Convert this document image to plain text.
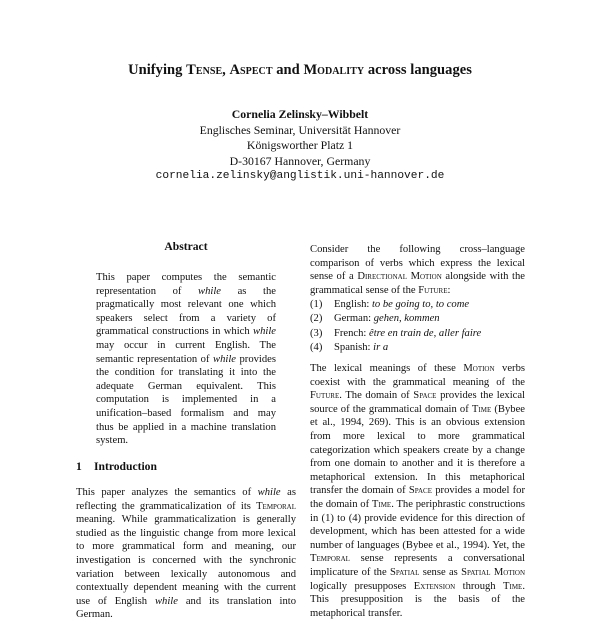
Unifying Tense, Aspect and Modality across languages
Cornelia Zelinsky–Wibbelt
Englisches Seminar, Universität Hannover
Königsworther Platz 1
D-30167 Hannover, Germany
cornelia.zelinsky@anglistik.uni-hannover.de
Abstract
This paper computes the semantic representation of while as the pragmatically most relevant one which speakers select from a variety of grammatical constructions in which while may occur in current English. The semantic representation of while provides the condition for translating it into the adequate German equivalent. This computation is implemented in a unification–based formalism and may thus be applied in a machine translation system.
1 Introduction
This paper analyzes the semantics of while as reflecting the grammaticalization of its Temporal meaning. While grammaticalization is generally studied as the linguistic change from more lexical to more grammatical form and meaning, our investigation is concerned with the synchronic variation between lexically autonomous and contextually dependent meaning with the current use of English while and its translation into German.
Consider the following cross–language comparison of verbs which express the lexical sense of a Directional Motion alongside with the grammatical sense of the Future:
(1)	English: to be going to, to come
(2)	German: gehen, kommen
(3)	French: être en train de, aller faire
(4)	Spanish: ir a
The lexical meanings of these Motion verbs coexist with the grammatical meaning of the Future. The domain of Space provides the lexical source of the grammatical domain of Time (Bybee et al., 1994, 269). This is an obvious extension from more lexical to more grammatical categorization which speakers create by a change from one domain to another and it is therefore a metaphorical extension. In this metaphorical transfer the domain of Space provides a model for the domain of Time. The periphrastic constructions in (1) to (4) provide evidence for this direction of development, which has been attested for a wide number of languages (Bybee et al., 1994). Yet, the Temporal sense represents a conversational implicature of the Spatial sense as Spatial Motion logically presupposes Extension through Time. This presupposition is the basis of the metaphorical transfer.
